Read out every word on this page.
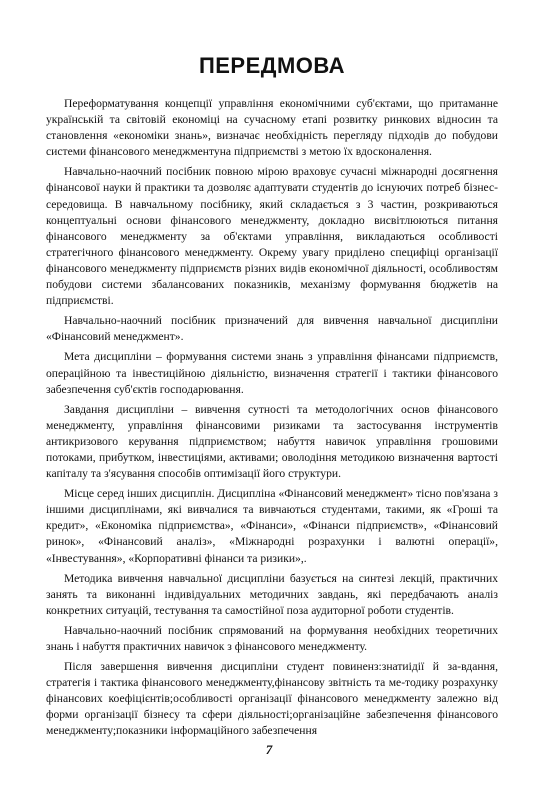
ПЕРЕДМОВА

Переформатування концепції управління економічними суб'єктами, що притаманне українській та світовій економіці на сучасному етапі розвитку ринкових відносин та становлення «економіки знань», визначає необхідність перегляду підходів до побудови системи фінансового менеджментуна підприємстві з метою їх вдосконалення.

Навчально-наочний посібник повною мірою враховує сучасні міжнародні досягнення фінансової науки й практики та дозволяє адаптувати студентів до існуючих потреб бізнес-середовища. В навчальному посібнику, який складається з 3 частин, розкриваються концептуальні основи фінансового менеджменту, докладно висвітлюються питання фінансового менеджменту за об'єктами управління, викладаються особливості стратегічного фінансового менеджменту. Окрему увагу приділено специфіці організації фінансового менеджменту підприємств різних видів економічної діяльності, особливостям побудови системи збалансованих показників, механізму формування бюджетів на підприємстві.

Навчально-наочний посібник призначений для вивчення навчальної дисципліни «Фінансовий менеджмент».

Мета дисципліни – формування системи знань з управління фінансами підприємств, операційною та інвестиційною діяльністю, визначення стратегії і тактики фінансового забезпечення суб'єктів господарювання.

Завдання дисципліни – вивчення сутності та методологічних основ фінансового менеджменту, управління фінансовими ризиками та застосування інструментів антикризового керування підприємством; набуття навичок управління грошовими потоками, прибутком, інвестиціями, активами; оволодіння методикою визначення вартості капіталу та з'ясування способів оптимізації його структури.

Місце серед інших дисциплін. Дисципліна «Фінансовий менеджмент» тісно пов'язана з іншими дисциплінами, які вивчалися та вивчаються студентами, такими, як «Гроші та кредит», «Економіка підприємства», «Фінанси», «Фінанси підприємств», «Фінансовий ринок», «Фінансовий аналіз», «Міжнародні розрахунки і валютні операції», «Інвестування», «Корпоративні фінанси та ризики»,.

Методика вивчення навчальної дисципліни базується на синтезі лекцій, практичних занять та виконанні індивідуальних методичних завдань, які передбачають аналіз конкретних ситуацій, тестування та самостійної поза аудиторної роботи студентів.

Навчально-наочний посібник спрямований на формування необхідних теоретичних знань і набуття практичних навичок з фінансового менеджменту.

Після завершення вивчення дисципліни студент повиненз:знатиідії й за-вдання, стратегія і тактика фінансового менеджменту,фінансову звітність та ме-тодику розрахунку фінансових коефіцієнтів;особливості організації фінансового менеджменту залежно від форми організації бізнесу та сфери діяльності;організаційне забезпечення фінансового менеджменту;показники інформаційного забезпечення

7
